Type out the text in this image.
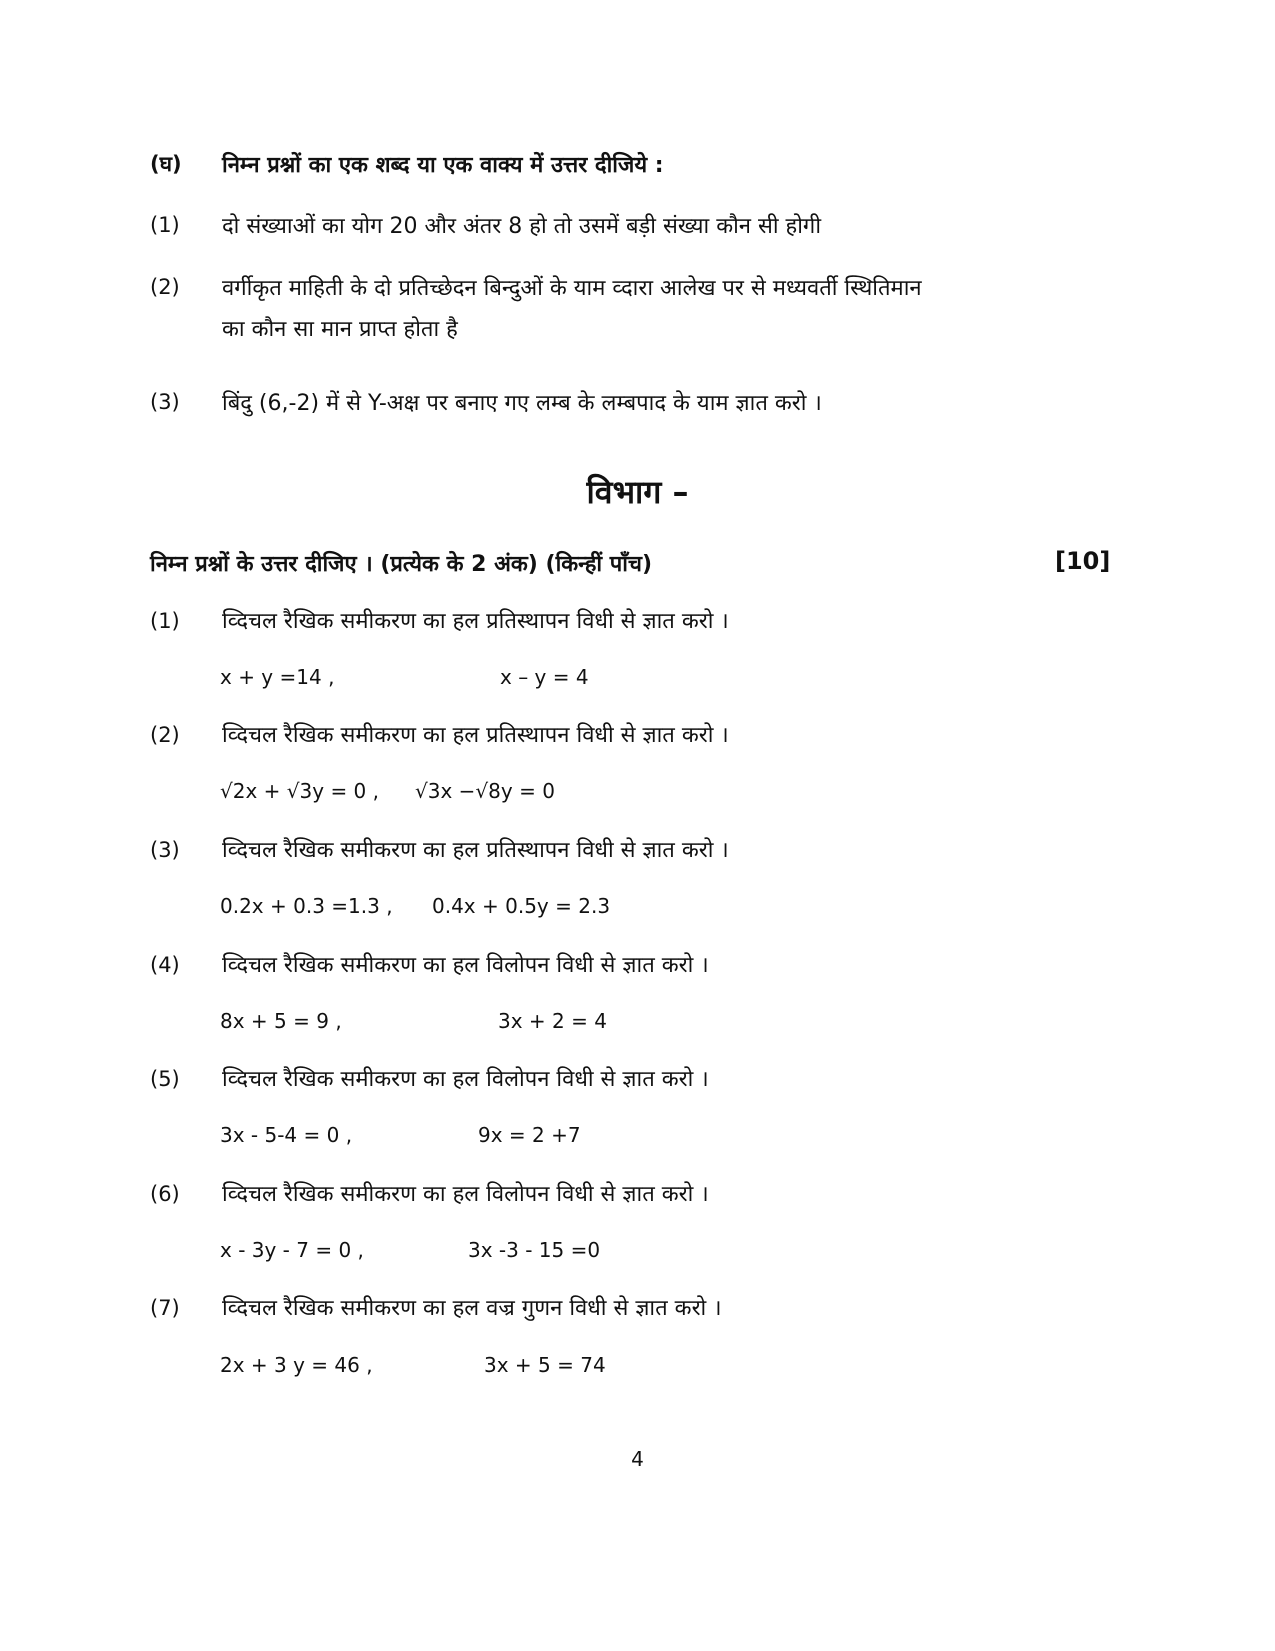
(घ) निम्न प्रश्नों का एक शब्द या एक वाक्य में उत्तर दीजिये :
(1) दो संख्याओं का योग 20 और अंतर 8 हो तो उसमें बड़ी संख्या कौन सी होगी
(2) वर्गीकृत माहिती के दो प्रतिच्छेदन बिन्दुओं के याम व्दारा आलेख पर से मध्यवर्ती स्थितिमान
का कौन सा मान प्राप्त होता है
(3) बिंदु (6,-2) में से Y-अक्ष पर बनाए गए लम्ब के लम्बपाद के याम ज्ञात करो ।
विभाग –
निम्न प्रश्नों के उत्तर दीजिए । (प्रत्येक के 2 अंक) (किन्हीं पाँच)	[10]
(1) व्दिचल रैखिक समीकरण का हल प्रतिस्थापन विधी से ज्ञात करो ।
x + y =14 ,	x – y = 4
(2) व्दिचल रैखिक समीकरण का हल प्रतिस्थापन विधी से ज्ञात करो ।
√2x + √3y = 0 , √3x −√8y = 0
(3) व्दिचल रैखिक समीकरण का हल प्रतिस्थापन विधी से ज्ञात करो ।
0.2x + 0.3 =1.3 , 0.4x + 0.5y = 2.3
(4) व्दिचल रैखिक समीकरण का हल विलोपन विधी से ज्ञात करो ।
8x + 5 = 9 ,	3x + 2 = 4
(5) व्दिचल रैखिक समीकरण का हल विलोपन विधी से ज्ञात करो ।
3x - 5-4 = 0 ,	9x = 2 +7
(6) व्दिचल रैखिक समीकरण का हल विलोपन विधी से ज्ञात करो ।
x - 3y - 7 = 0 ,	3x -3 - 15 =0
(7) व्दिचल रैखिक समीकरण का हल वज्र गुणन विधी से ज्ञात करो ।
2x + 3 y = 46 ,	3x + 5 = 74
4
